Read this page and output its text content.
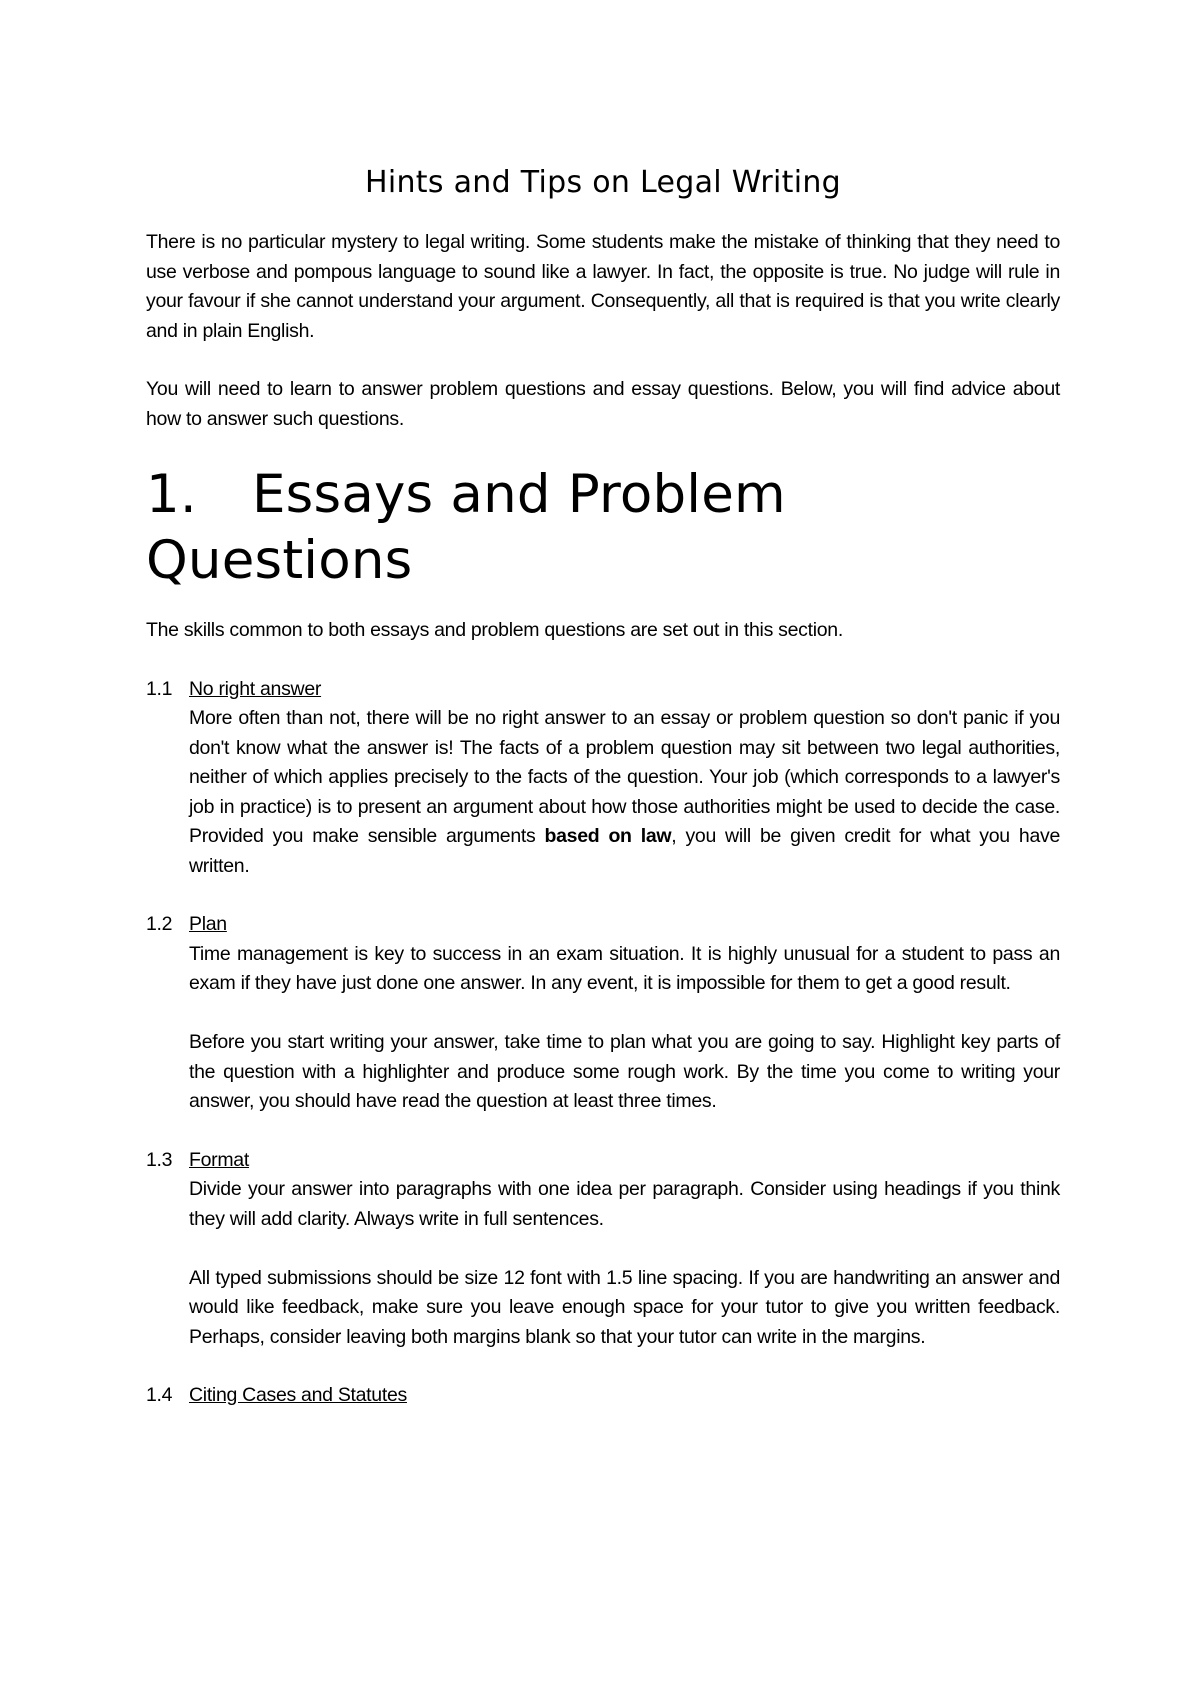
Hints and Tips on Legal Writing

There is no particular mystery to legal writing. Some students make the mistake of thinking that they need to use verbose and pompous language to sound like a lawyer. In fact, the opposite is true. No judge will rule in your favour if she cannot understand your argument. Consequently, all that is required is that you write clearly and in plain English.

You will need to learn to answer problem questions and essay questions. Below, you will find advice about how to answer such questions.

1. Essays and Problem
Questions

The skills common to both essays and problem questions are set out in this section.

1.1 No right answer

More often than not, there will be no right answer to an essay or problem question so don't panic if you don't know what the answer is! The facts of a problem question may sit between two legal authorities, neither of which applies precisely to the facts of the question. Your job (which corresponds to a lawyer's job in practice) is to present an argument about how those authorities might be used to decide the case. Provided you make sensible arguments based on law, you will be given credit for what you have written.

1.2 Plan

Time management is key to success in an exam situation. It is highly unusual for a student to pass an exam if they have just done one answer. In any event, it is impossible for them to get a good result.

Before you start writing your answer, take time to plan what you are going to say. Highlight key parts of the question with a highlighter and produce some rough work. By the time you come to writing your answer, you should have read the question at least three times.

1.3 Format

Divide your answer into paragraphs with one idea per paragraph. Consider using headings if you think they will add clarity. Always write in full sentences.

All typed submissions should be size 12 font with 1.5 line spacing. If you are handwriting an answer and would like feedback, make sure you leave enough space for your tutor to give you written feedback. Perhaps, consider leaving both margins blank so that your tutor can write in the margins.

1.4 Citing Cases and Statutes
